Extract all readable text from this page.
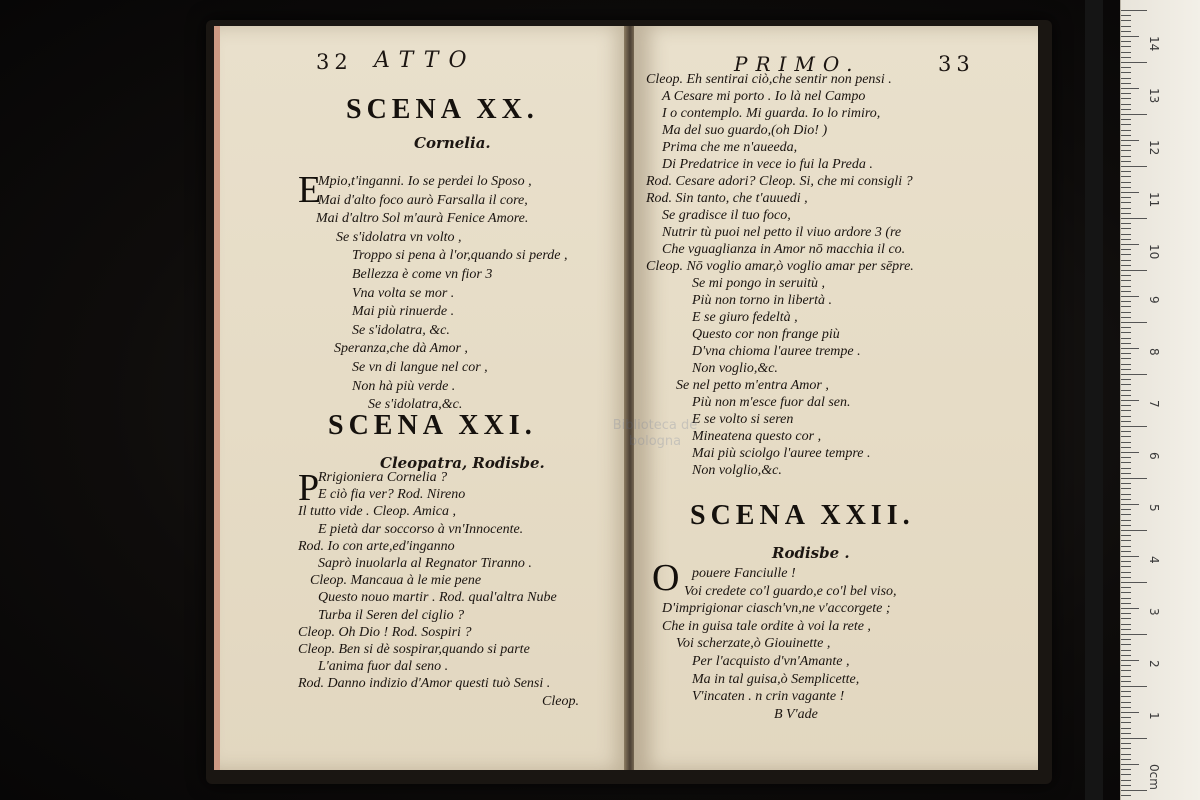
32 ATTO
SCENA XX.
Cornelia.
E
Mpio,t'inganni. Io se perdei lo Sposo ,
Mai d'alto foco aurò Farsalla il core,
Mai d'altro Sol m'aurà Fenice Amore.
Se s'idolatra vn volto ,
Troppo si pena à l'or,quando si perde ,
Bellezza è come vn fior 3
Vna volta se mor .
Mai più rinuerde .
Se s'idolatra, &c.
Speranza,che dà Amor ,
Se vn di langue nel cor ,
Non hà più verde .
Se s'idolatra,&c.
SCENA XXI.
Cleopatra, Rodisbe.
P
Rrigioniera Cornelia ?
E ciò fia ver? Rod. Nireno
Il tutto vide . Cleop. Amica ,
E pietà dar soccorso à vn'Innocente.
Rod. Io con arte,ed'inganno
Saprò inuolarla al Regnator Tiranno .
Cleop. Mancaua à le mie pene
Questo nouo martir . Rod. qual'altra Nube
Turba il Seren del ciglio ?
Cleop. Oh Dio ! Rod. Sospiri ?
Cleop. Ben si dè sospirar,quando si parte
L'anima fuor dal seno .
Rod. Danno indizio d'Amor questi tuò Sensi .
Cleop.
PRIMO.	33
Cleop. Eh sentirai ciò,che sentir non pensi .
A Cesare mi porto . Io là nel Campo
I o contemplo. Mi guarda. Io lo rimiro,
Ma del suo guardo,(oh Dio! )
Prima che me n'aueeda,
Di Predatrice in vece io fui la Preda .
Rod. Cesare adori? Cleop. Si, che mi consigli ?
Rod. Sin tanto, che t'auuedi ,
Se gradisce il tuo foco,
Nutrir tù puoi nel petto il viuo ardore 3 (re
Che vguaglianza in Amor nō macchia il co.
Cleop. Nō voglio amar,ò voglio amar per sēpre.
Se mi pongo in seruitù ,
Più non torno in libertà .
E se giuro fedeltà ,
Questo cor non frange più
D'vna chioma l'auree trempe .
Non voglio,&c.
Se nel petto m'entra Amor ,
Più non m'esce fuor dal sen.
E se volto si seren
Mineatena questo cor ,
Mai più sciolgo l'auree tempre .
Non volglio,&c.
SCENA XXII.
Rodisbe .
O pouere Fanciulle !
Voi credete co'l guardo,e co'l bel viso,
D'imprigionar ciasch'vn,ne v'accorgete ;
Che in guisa tale ordite à voi la rete ,
Voi scherzate,ò Giouinette ,
Per l'acquisto d'vn'Amante ,
Ma in tal guisa,ò Semplicette,
V'incaten . n crin vagante !
B V'ade
Biblioteca de
bologna
14
13
12
11
10
9
8
7
6
5
4
3
2
1
0cm
